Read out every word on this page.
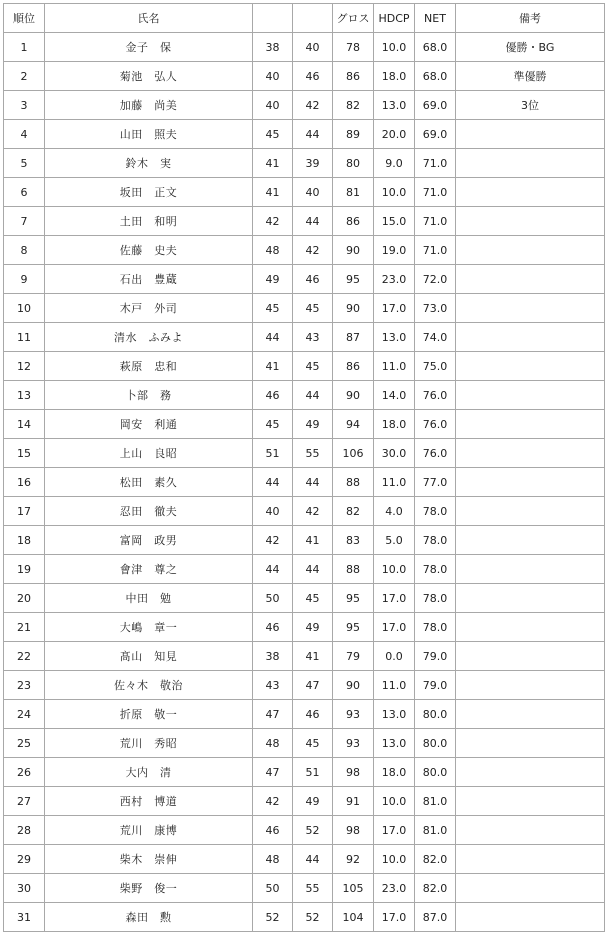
順位	氏名			グロス	HDCP	NET	備考
1	金子　保	38	40	78	10.0	68.0	優勝・BG
2	菊池　弘人	40	46	86	18.0	68.0	準優勝
3	加藤　尚美	40	42	82	13.0	69.0	3位
4	山田　照夫	45	44	89	20.0	69.0	
5	鈴木　実	41	39	80	9.0	71.0	
6	坂田　正文	41	40	81	10.0	71.0	
7	土田　和明	42	44	86	15.0	71.0	
8	佐藤　史夫	48	42	90	19.0	71.0	
9	石出　豊蔵	49	46	95	23.0	72.0	
10	木戸　外司	45	45	90	17.0	73.0	
11	清水　ふみよ	44	43	87	13.0	74.0	
12	萩原　忠和	41	45	86	11.0	75.0	
13	卜部　務	46	44	90	14.0	76.0	
14	岡安　利通	45	49	94	18.0	76.0	
15	上山　良昭	51	55	106	30.0	76.0	
16	松田　素久	44	44	88	11.0	77.0	
17	忍田　徹夫	40	42	82	4.0	78.0	
18	富岡　政男	42	41	83	5.0	78.0	
19	會津　尊之	44	44	88	10.0	78.0	
20	中田　勉	50	45	95	17.0	78.0	
21	大嶋　章一	46	49	95	17.0	78.0	
22	髙山　知見	38	41	79	0.0	79.0	
23	佐々木　敬治	43	47	90	11.0	79.0	
24	折原　敬一	47	46	93	13.0	80.0	
25	荒川　秀昭	48	45	93	13.0	80.0	
26	大内　清	47	51	98	18.0	80.0	
27	西村　博道	42	49	91	10.0	81.0	
28	荒川　康博	46	52	98	17.0	81.0	
29	柴木　崇伸	48	44	92	10.0	82.0	
30	柴野　俊一	50	55	105	23.0	82.0	
31	森田　勲	52	52	104	17.0	87.0	
